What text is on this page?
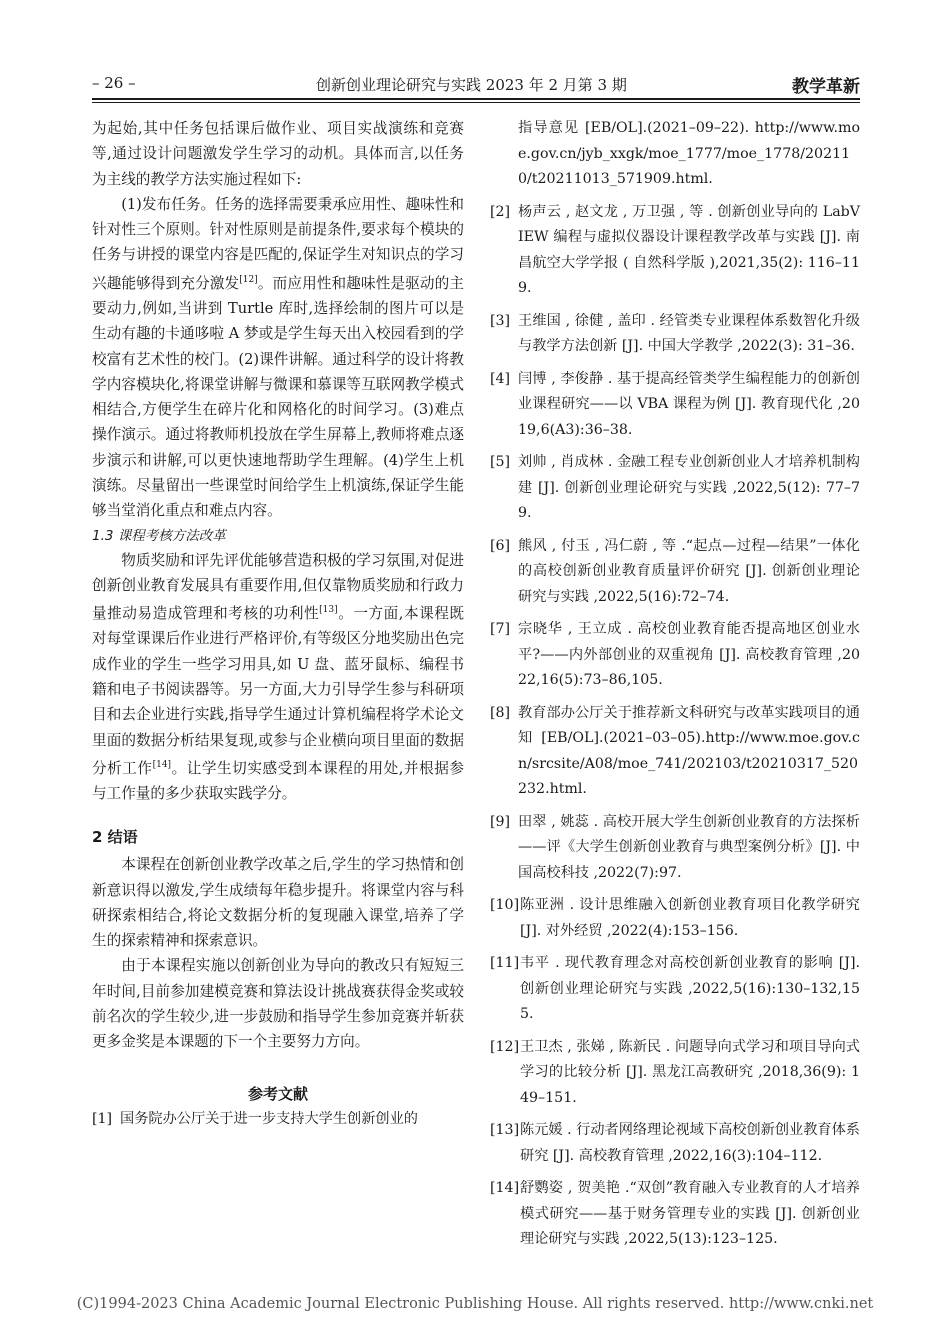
– 26 –	创新创业理论研究与实践 2023 年 2 月第 3 期	教学革新

为起始,其中任务包括课后做作业、项目实战演练和竞赛等,通过设计问题激发学生学习的动机。具体而言,以任务为主线的教学方法实施过程如下:

(1)发布任务。任务的选择需要秉承应用性、趣味性和针对性三个原则。针对性原则是前提条件,要求每个模块的任务与讲授的课堂内容是匹配的,保证学生对知识点的学习兴趣能够得到充分激发[12]。而应用性和趣味性是驱动的主要动力,例如,当讲到 Turtle 库时,选择绘制的图片可以是生动有趣的卡通哆啦 A 梦或是学生每天出入校园看到的学校富有艺术性的校门。(2)课件讲解。通过科学的设计将教学内容模块化,将课堂讲解与微课和慕课等互联网教学模式相结合,方便学生在碎片化和网格化的时间学习。(3)难点操作演示。通过将教师机投放在学生屏幕上,教师将难点逐步演示和讲解,可以更快速地帮助学生理解。(4)学生上机演练。尽量留出一些课堂时间给学生上机演练,保证学生能够当堂消化重点和难点内容。

1.3 课程考核方法改革

物质奖励和评先评优能够营造积极的学习氛围,对促进创新创业教育发展具有重要作用,但仅靠物质奖励和行政力量推动易造成管理和考核的功利性[13]。一方面,本课程既对每堂课课后作业进行严格评价,有等级区分地奖励出色完成作业的学生一些学习用具,如 U 盘、蓝牙鼠标、编程书籍和电子书阅读器等。另一方面,大力引导学生参与科研项目和去企业进行实践,指导学生通过计算机编程将学术论文里面的数据分析结果复现,或参与企业横向项目里面的数据分析工作[14]。让学生切实感受到本课程的用处,并根据参与工作量的多少获取实践学分。

2 结语

本课程在创新创业教学改革之后,学生的学习热情和创新意识得以激发,学生成绩每年稳步提升。将课堂内容与科研探索相结合,将论文数据分析的复现融入课堂,培养了学生的探索精神和探索意识。

由于本课程实施以创新创业为导向的教改只有短短三年时间,目前参加建模竞赛和算法设计挑战赛获得金奖或较前名次的学生较少,进一步鼓励和指导学生参加竞赛并斩获更多金奖是本课题的下一个主要努力方向。

参考文献
[1] 国务院办公厅关于进一步支持大学生创新创业的
指导意见 [EB/OL].(2021–09–22). http://www.moe.gov.cn/jyb_xxgk/moe_1777/moe_1778/202110/t20211013_571909.html.
[2] 杨声云 , 赵文龙 , 万卫强 , 等 . 创新创业导向的 LabVIEW 编程与虚拟仪器设计课程教学改革与实践 [J]. 南昌航空大学学报 ( 自然科学版 ),2021,35(2): 116–119.
[3] 王维国 , 徐健 , 盖印 . 经管类专业课程体系数智化升级与教学方法创新 [J]. 中国大学教学 ,2022(3): 31–36.
[4] 闫博 , 李俊静 . 基于提高经管类学生编程能力的创新创业课程研究——以 VBA 课程为例 [J]. 教育现代化 ,2019,6(A3):36–38.
[5] 刘帅 , 肖成林 . 金融工程专业创新创业人才培养机制构建 [J]. 创新创业理论研究与实践 ,2022,5(12): 77–79.
[6] 熊风 , 付玉 , 冯仁蔚 , 等 .“起点—过程—结果”一体化的高校创新创业教育质量评价研究 [J]. 创新创业理论研究与实践 ,2022,5(16):72–74.
[7] 宗晓华 , 王立成 . 高校创业教育能否提高地区创业水平?——内外部创业的双重视角 [J]. 高校教育管理 ,2022,16(5):73–86,105.
[8] 教育部办公厅关于推荐新文科研究与改革实践项目的通知 [EB/OL].(2021–03–05).http://www.moe.gov.cn/srcsite/A08/moe_741/202103/t20210317_520232.html.
[9] 田翠 , 姚蕊 . 高校开展大学生创新创业教育的方法探析——评《大学生创新创业教育与典型案例分析》[J]. 中国高校科技 ,2022(7):97.
[10] 陈亚洲 . 设计思维融入创新创业教育项目化教学研究 [J]. 对外经贸 ,2022(4):153–156.
[11] 韦平 . 现代教育理念对高校创新创业教育的影响 [J]. 创新创业理论研究与实践 ,2022,5(16):130–132,155.
[12] 王卫杰 , 张娣 , 陈新民 . 问题导向式学习和项目导向式学习的比较分析 [J]. 黑龙江高教研究 ,2018,36(9): 149–151.
[13] 陈元媛 . 行动者网络理论视域下高校创新创业教育体系研究 [J]. 高校教育管理 ,2022,16(3):104–112.
[14] 舒鹦姿 , 贺美艳 .“双创”教育融入专业教育的人才培养模式研究——基于财务管理专业的实践 [J]. 创新创业理论研究与实践 ,2022,5(13):123–125.
(C)1994-2023 China Academic Journal Electronic Publishing House. All rights reserved. http://www.cnki.net
